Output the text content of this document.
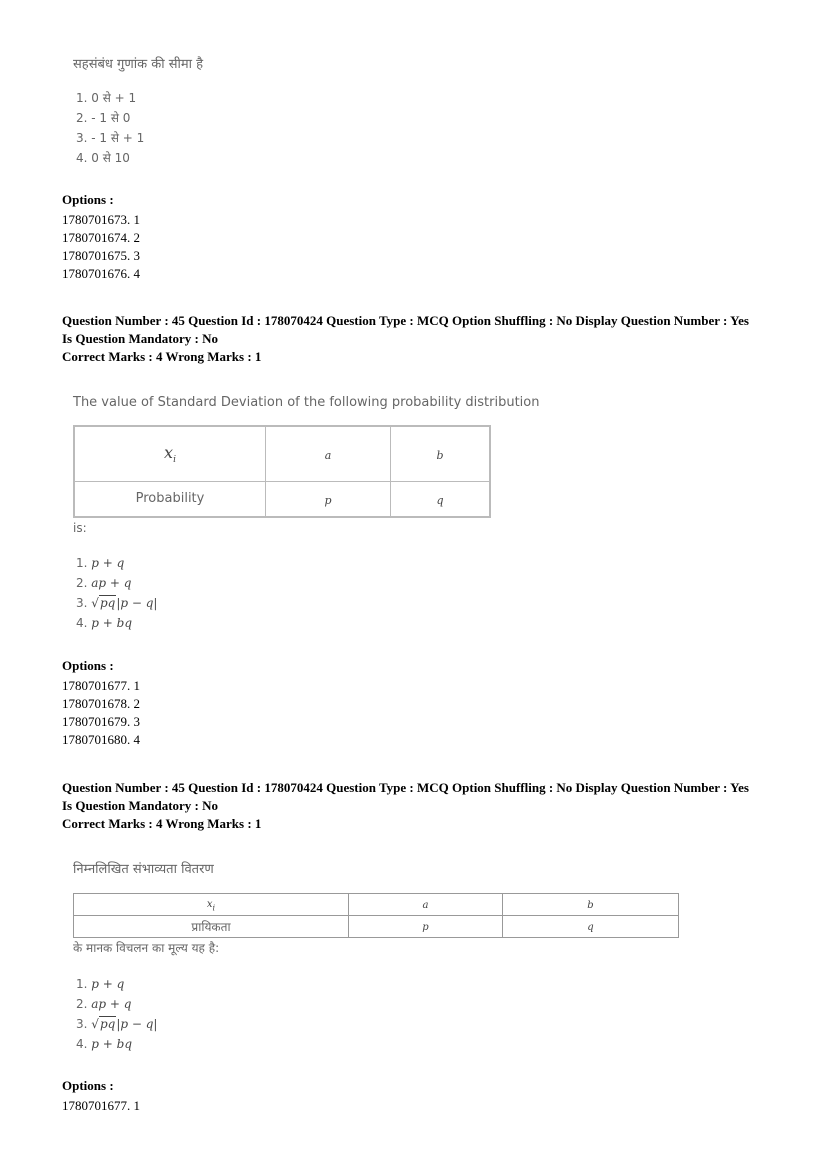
सहसंबंध गुणांक की सीमा है
1. 0 से + 1
2. - 1 से 0
3. - 1 से + 1
4. 0 से 10
Options :
1780701673. 1
1780701674. 2
1780701675. 3
1780701676. 4
Question Number : 45 Question Id : 178070424 Question Type : MCQ Option Shuffling : No Display Question Number : Yes
Is Question Mandatory : No
Correct Marks : 4 Wrong Marks : 1
The value of Standard Deviation of the following probability distribution
$x_i$	a	b
Probability	p	q
is:
1. p + q
2. ap + q
3. √pq|p − q|
4. p + bq
Options :
1780701677. 1
1780701678. 2
1780701679. 3
1780701680. 4
Question Number : 45 Question Id : 178070424 Question Type : MCQ Option Shuffling : No Display Question Number : Yes
Is Question Mandatory : No
Correct Marks : 4 Wrong Marks : 1
निम्नलिखित संभाव्यता वितरण
$x_i$	a	b
प्रायिकता	p	q
के मानक विचलन का मूल्य यह है:
1. p + q
2. ap + q
3. √pq|p − q|
4. p + bq
Options :
1780701677. 1
